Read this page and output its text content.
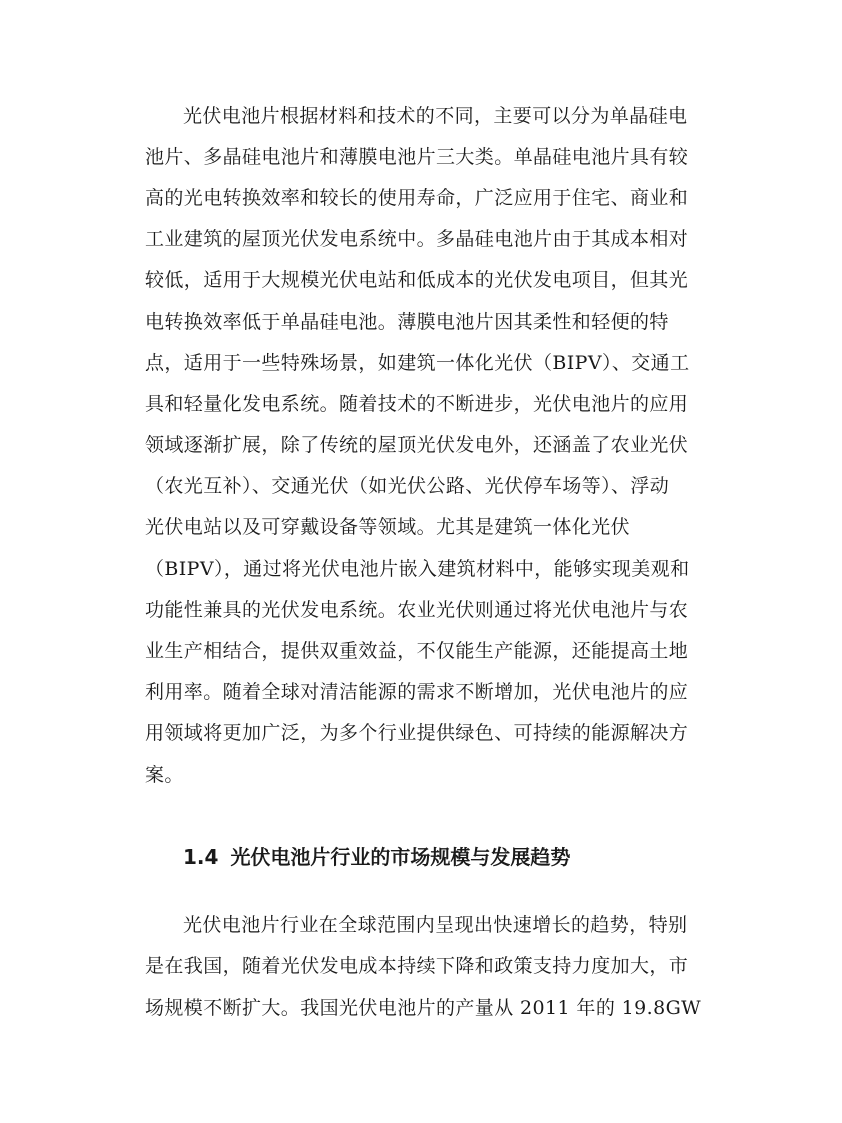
光伏电池片根据材料和技术的不同，主要可以分为单晶硅电
池片、多晶硅电池片和薄膜电池片三大类。单晶硅电池片具有较
高的光电转换效率和较长的使用寿命，广泛应用于住宅、商业和
工业建筑的屋顶光伏发电系统中。多晶硅电池片由于其成本相对
较低，适用于大规模光伏电站和低成本的光伏发电项目，但其光
电转换效率低于单晶硅电池。薄膜电池片因其柔性和轻便的特
点，适用于一些特殊场景，如建筑一体化光伏（BIPV）、交通工
具和轻量化发电系统。随着技术的不断进步，光伏电池片的应用
领域逐渐扩展，除了传统的屋顶光伏发电外，还涵盖了农业光伏
（农光互补）、交通光伏（如光伏公路、光伏停车场等）、浮动
光伏电站以及可穿戴设备等领域。尤其是建筑一体化光伏
（BIPV），通过将光伏电池片嵌入建筑材料中，能够实现美观和
功能性兼具的光伏发电系统。农业光伏则通过将光伏电池片与农
业生产相结合，提供双重效益，不仅能生产能源，还能提高土地
利用率。随着全球对清洁能源的需求不断增加，光伏电池片的应
用领域将更加广泛，为多个行业提供绿色、可持续的能源解决方
案。
1.4 光伏电池片行业的市场规模与发展趋势
光伏电池片行业在全球范围内呈现出快速增长的趋势，特别
是在我国，随着光伏发电成本持续下降和政策支持力度加大，市
场规模不断扩大。我国光伏电池片的产量从 2011 年的 19.8GW
